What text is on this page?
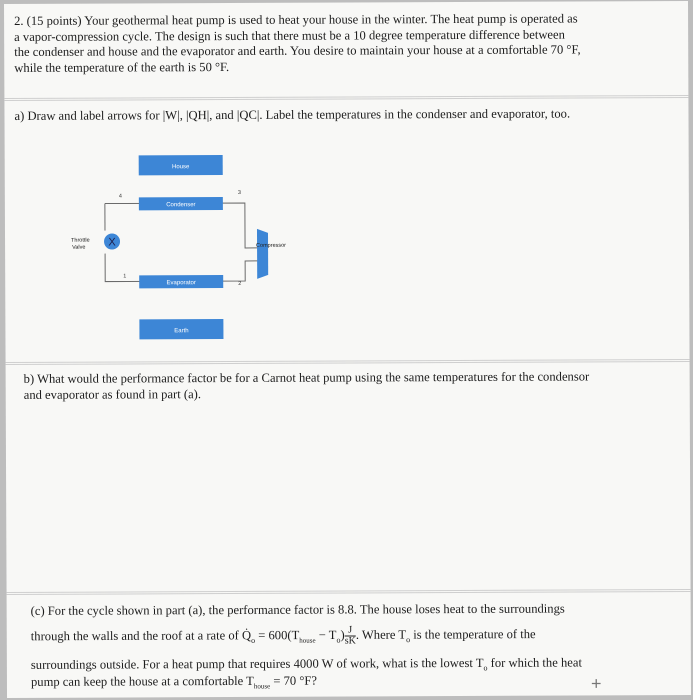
2. (15 points) Your geothermal heat pump is used to heat your house in the winter. The heat pump is operated as
a vapor-compression cycle. The design is such that there must be a 10 degree temperature difference between
the condenser and house and the evaporator and earth. You desire to maintain your house at a comfortable 70 °F,
while the temperature of the earth is 50 °F.
a) Draw and label arrows for |W|, |QH|, and |QC|. Label the temperatures in the condenser and evaporator, too.
House
Condenser
Evaporator
Earth
Compressor
X
Throttle
Valve
4
3
1
2
b) What would the performance factor be for a Carnot heat pump using the same temperatures for the condensor
and evaporator as found in part (a).
(c) For the cycle shown in part (a), the performance factor is 8.8. The house loses heat to the surroundings
through the walls and the roof at a rate of $Q̇_o = 600(T_{house} - T_o) \frac{J}{sK}$ . Where $T_o$ is the temperature of the
surroundings outside. For a heat pump that requires 4000 W of work, what is the lowest $T_o$ for which the heat
pump can keep the house at a comfortable $T_{house} = 70$ °F?	+
